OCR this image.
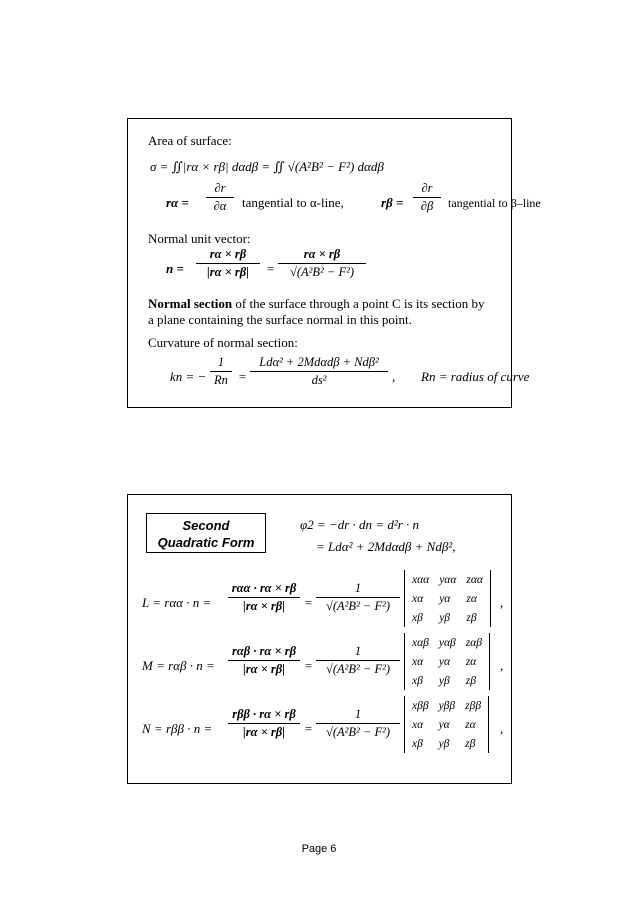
Area of surface:
σ = ∬|rα × rβ| dαdβ = ∬ √(A²B² − F²) dαdβ
rα =
∂r
∂α	tangential to α-line,	rβ =
∂r
∂β	tangential to β–line
Normal unit vector:
n =
rα × rβ
|rα × rβ|	=
rα × rβ
√(A²B² − F²)
Normal section of the surface through a point C is its section by a plane containing the surface normal in this point.
Curvature of normal section:
kn = −
1
Rn =
Ldα² + 2Mdαdβ + Ndβ²
ds²	, Rn = radius of curve
Second
Quadratic Form
φ2 = −dr · dn = d²r · n
= Ldα² + 2Mdαdβ + Ndβ²,
L = rαα · n =
rαα · rα × rβ
|rα × rβ|	=
1
√(A²B² − F²)
xαα	yαα	zαα
xα	yα	zα
xβ	yβ	zβ
,
M = rαβ · n =
rαβ · rα × rβ
|rα × rβ|	=
1
√(A²B² − F²)
xαβ	yαβ	zαβ
xα	yα	zα
xβ	yβ	zβ
,
N = rββ · n =
rββ · rα × rβ
|rα × rβ|	=
1
√(A²B² − F²)
xββ	yββ	zββ
xα	yα	zα
xβ	yβ	zβ
,
Page 6
